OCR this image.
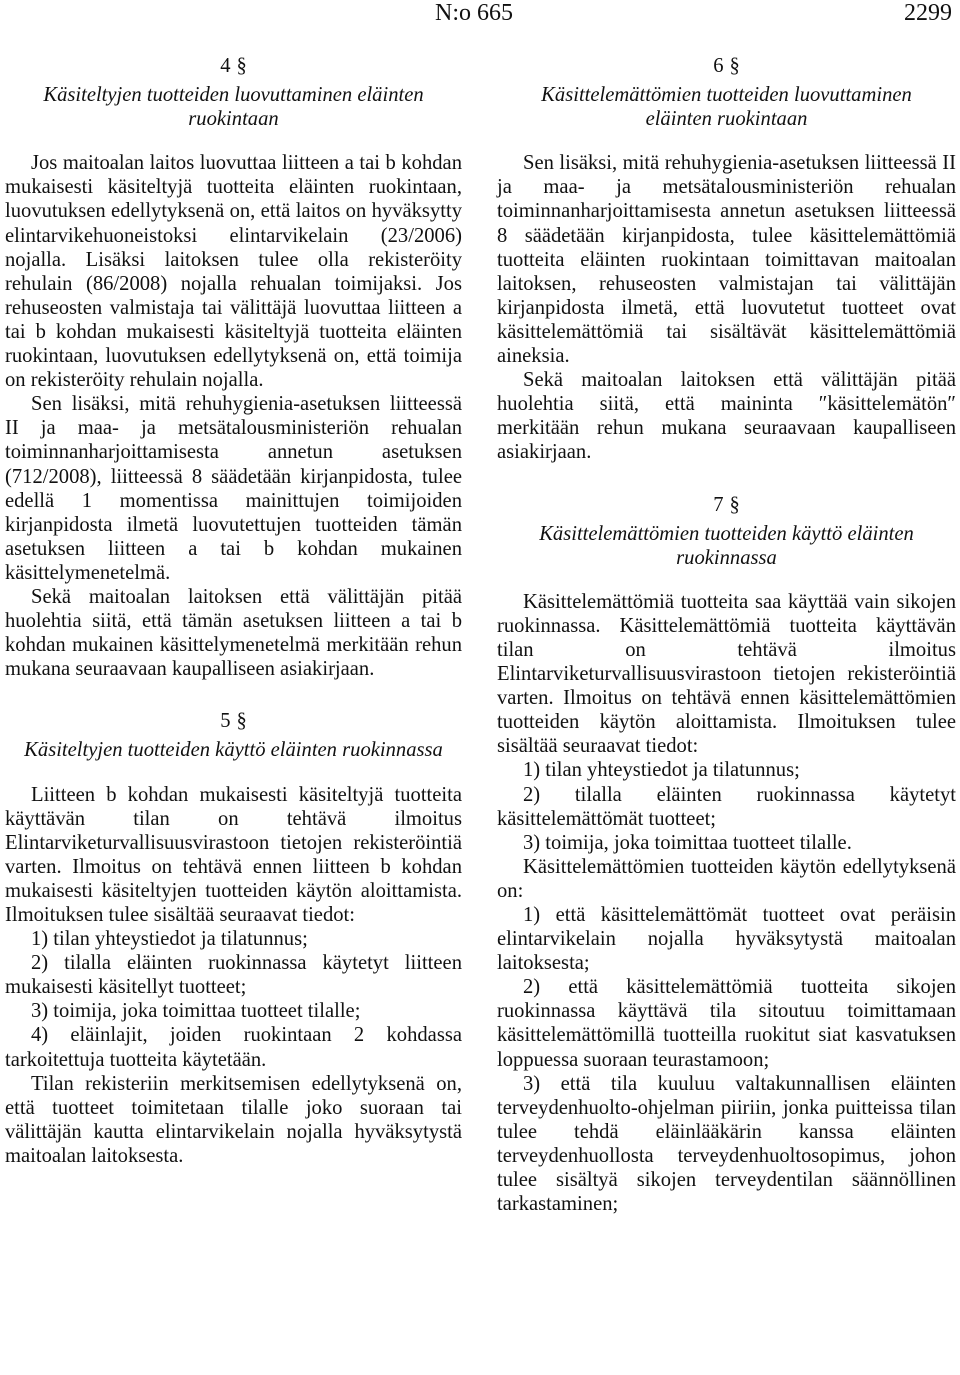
N:o 665	2299
4 §
Käsiteltyjen tuotteiden luovuttaminen eläinten ruokintaan

Jos maitoalan laitos luovuttaa liitteen a tai b kohdan mukaisesti käsiteltyjä tuotteita eläinten ruokintaan, luovutuksen edellytyksenä on, että laitos on hyväksytty elintarvikehuoneistoksi elintarvikelain (23/2006) nojalla. Lisäksi laitoksen tulee olla rekisteröity rehulain (86/2008) nojalla rehualan toimijaksi. Jos rehuseosten valmistaja tai välittäjä luovuttaa liitteen a tai b kohdan mukaisesti käsiteltyjä tuotteita eläinten ruokintaan, luovutuksen edellytyksenä on, että toimija on rekisteröity rehulain nojalla.

Sen lisäksi, mitä rehuhygienia-asetuksen liitteessä II ja maa- ja metsätalousministeriön rehualan toiminnanharjoittamisesta annetun asetuksen (712/2008), liitteessä 8 säädetään kirjanpidosta, tulee edellä 1 momentissa mainittujen toimijoiden kirjanpidosta ilmetä luovutettujen tuotteiden tämän asetuksen liitteen a tai b kohdan mukainen käsittelymenetelmä.

Sekä maitoalan laitoksen että välittäjän pitää huolehtia siitä, että tämän asetuksen liitteen a tai b kohdan mukainen käsittelymenetelmä merkitään rehun mukana seuraavaan kaupalliseen asiakirjaan.

5 §
Käsiteltyjen tuotteiden käyttö eläinten ruokinnassa

Liitteen b kohdan mukaisesti käsiteltyjä tuotteita käyttävän tilan on tehtävä ilmoitus Elintarviketurvallisuusvirastoon tietojen rekisteröintiä varten. Ilmoitus on tehtävä ennen liitteen b kohdan mukaisesti käsiteltyjen tuotteiden käytön aloittamista. Ilmoituksen tulee sisältää seuraavat tiedot:

1) tilan yhteystiedot ja tilatunnus;

2) tilalla eläinten ruokinnassa käytetyt liitteen mukaisesti käsitellyt tuotteet;

3) toimija, joka toimittaa tuotteet tilalle;

4) eläinlajit, joiden ruokintaan 2 kohdassa tarkoitettuja tuotteita käytetään.

Tilan rekisteriin merkitsemisen edellytyksenä on, että tuotteet toimitetaan tilalle joko suoraan tai välittäjän kautta elintarvikelain nojalla hyväksytystä maitoalan laitoksesta.

6 §
Käsittelemättömien tuotteiden luovuttaminen eläinten ruokintaan

Sen lisäksi, mitä rehuhygienia-asetuksen liitteessä II ja maa- ja metsätalousministeriön rehualan toiminnanharjoittamisesta annetun asetuksen liitteessä 8 säädetään kirjanpidosta, tulee käsittelemättömiä tuotteita eläinten ruokintaan toimittavan maitoalan laitoksen, rehuseosten valmistajan tai välittäjän kirjanpidosta ilmetä, että luovutetut tuotteet ovat käsittelemättömiä tai sisältävät käsittelemättömiä aineksia.

Sekä maitoalan laitoksen että välittäjän pitää huolehtia siitä, että maininta ″käsittelemätön″ merkitään rehun mukana seuraavaan kaupalliseen asiakirjaan.

7 §
Käsittelemättömien tuotteiden käyttö eläinten ruokinnassa

Käsittelemättömiä tuotteita saa käyttää vain sikojen ruokinnassa. Käsittelemättömiä tuotteita käyttävän tilan on tehtävä ilmoitus Elintarviketurvallisuusvirastoon tietojen rekisteröintiä varten. Ilmoitus on tehtävä ennen käsittelemättömien tuotteiden käytön aloittamista. Ilmoituksen tulee sisältää seuraavat tiedot:

1) tilan yhteystiedot ja tilatunnus;

2) tilalla eläinten ruokinnassa käytetyt käsittelemättömät tuotteet;

3) toimija, joka toimittaa tuotteet tilalle.

Käsittelemättömien tuotteiden käytön edellytyksenä on:

1) että käsittelemättömät tuotteet ovat peräisin elintarvikelain nojalla hyväksytystä maitoalan laitoksesta;

2) että käsittelemättömiä tuotteita sikojen ruokinnassa käyttävä tila sitoutuu toimittamaan käsittelemättömillä tuotteilla ruokitut siat kasvatuksen loppuessa suoraan teurastamoon;

3) että tila kuuluu valtakunnallisen eläinten terveydenhuolto-ohjelman piiriin, jonka puitteissa tilan tulee tehdä eläinlääkärin kanssa eläinten terveydenhuollosta terveydenhuoltosopimus, johon tulee sisältyä sikojen terveydentilan säännöllinen tarkastaminen;
